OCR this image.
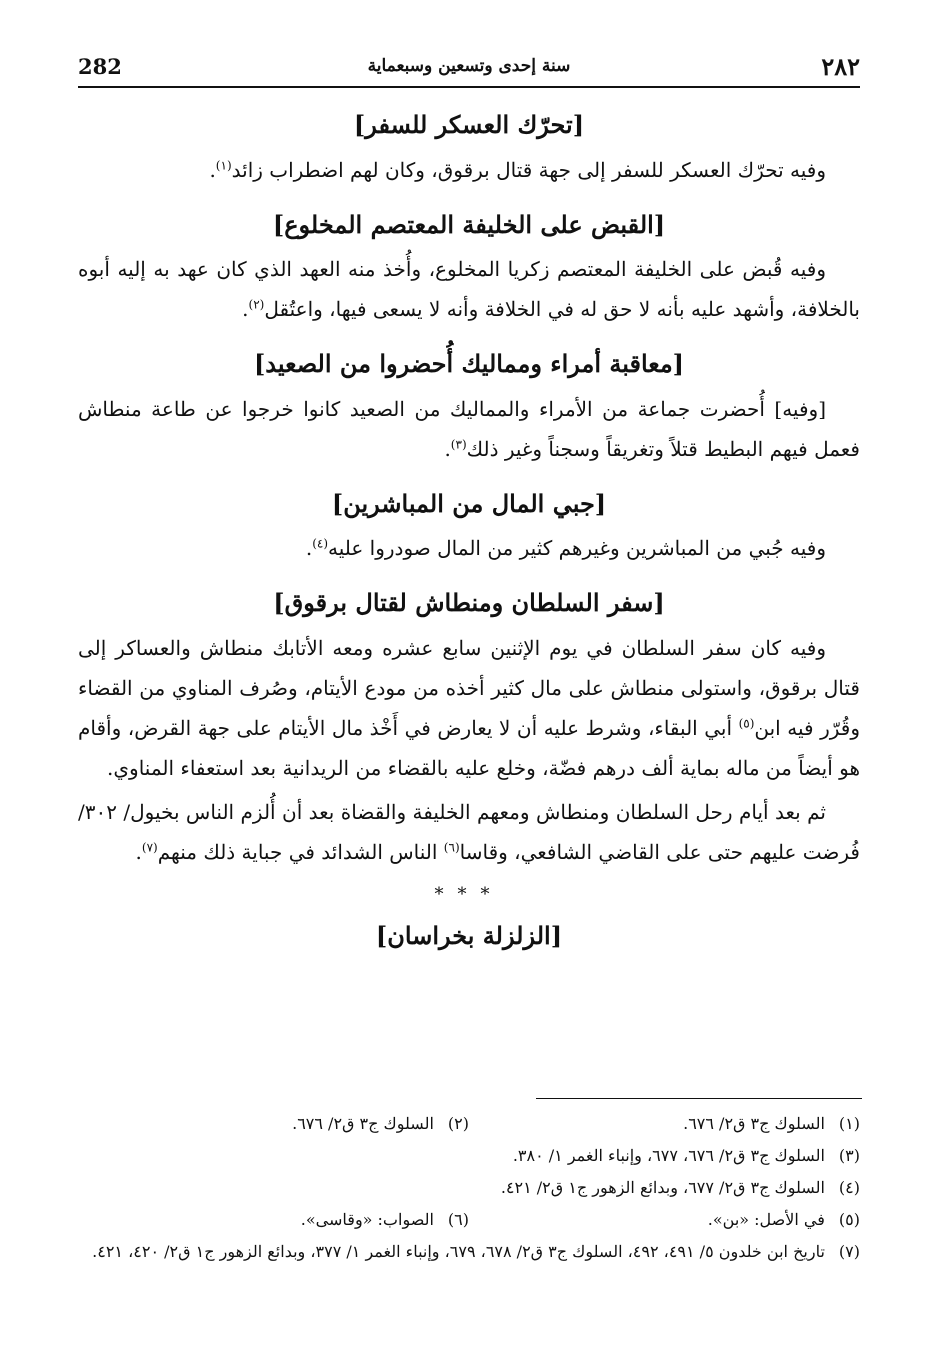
٢٨٢
سنة إحدى وتسعين وسبعماية
282
[تحرّك العسكر للسفر]

وفيه تحرّك العسكر للسفر إلى جهة قتال برقوق، وكان لهم اضطراب زائد$^{(١)}$.

[القبض على الخليفة المعتصم المخلوع]

وفيه قُبض على الخليفة المعتصم زكريا المخلوع، وأُخذ منه العهد الذي كان عهد به إليه أبوه بالخلافة، وأشهد عليه بأنه لا حق له في الخلافة وأنه لا يسعى فيها، واعتُقل$^{(٢)}$.

[معاقبة أمراء ومماليك أُحضروا من الصعيد]

[وفيه] أُحضرت جماعة من الأمراء والمماليك من الصعيد كانوا خرجوا عن طاعة منطاش فعمل فيهم البطيط قتلاً وتغريقاً وسجناً وغير ذلك$^{(٣)}$.

[جبي المال من المباشرين]

وفيه جُبي من المباشرين وغيرهم كثير من المال صودروا عليه$^{(٤)}$.

[سفر السلطان ومنطاش لقتال برقوق]

وفيه كان سفر السلطان في يوم الإثنين سابع عشره ومعه الأتابك منطاش والعساكر إلى قتال برقوق، واستولى منطاش على مال كثير أخذه من مودع الأيتام، وصُرف المناوي من القضاء وقُرّر فيه ابن$^{(٥)}$ أبي البقاء، وشرط عليه أن لا يعارض في أَخْذ مال الأيتام على جهة القرض، وأقام هو أيضاً من ماله بماية ألف درهم فضّة، وخلع عليه بالقضاء من الريدانية بعد استعفاء المناوي.

ثم بعد أيام رحل السلطان ومنطاش ومعهم الخليفة والقضاة بعد أن أُلزم الناس بخيول/ ٣٠٢/ فُرضت عليهم حتى على القاضي الشافعي، وقاسا$^{(٦)}$ الناس الشدائد في جباية ذلك منهم$^{(٧)}$.

***
[الزلزلة بخراسان]
(١) السلوك ج٣ ق٢/ ٦٧٦.
(٢) السلوك ج٣ ق٢/ ٦٧٦.
(٣) السلوك ج٣ ق٢/ ٦٧٦، ٦٧٧، وإنباء الغمر ١/ ٣٨٠.
(٤) السلوك ج٣ ق٢/ ٦٧٧، وبدائع الزهور ج١ ق٢/ ٤٢١.
(٥) في الأصل: «بن».
(٦) الصواب: «وقاسى».
(٧) تاريخ ابن خلدون ٥/ ٤٩١، ٤٩٢، السلوك ج٣ ق٢/ ٦٧٨، ٦٧٩، وإنباء الغمر ١/ ٣٧٧، وبدائع الزهور ج١ ق٢/ ٤٢٠، ٤٢١.
